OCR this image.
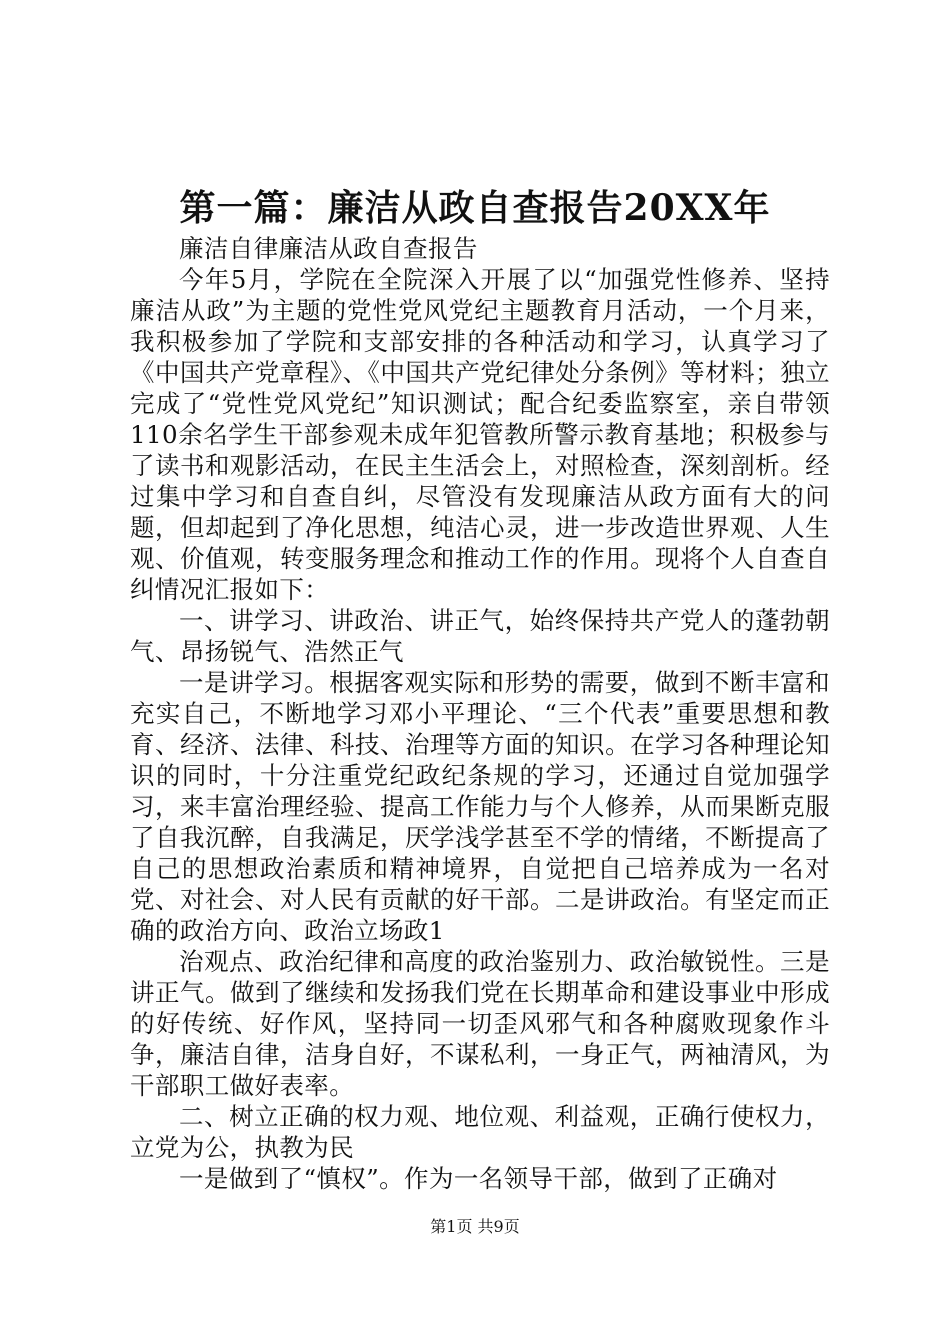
第一篇：廉洁从政自查报告20XX年

廉洁自律廉洁从政自查报告

今年5月，学院在全院深入开展了以“加强党性修养、坚持廉洁从政”为主题的党性党风党纪主题教育月活动，一个月来，我积极参加了学院和支部安排的各种活动和学习，认真学习了《中国共产党章程》、《中国共产党纪律处分条例》等材料；独立完成了“党性党风党纪”知识测试；配合纪委监察室，亲自带领110余名学生干部参观未成年犯管教所警示教育基地；积极参与了读书和观影活动，在民主生活会上，对照检查，深刻剖析。经过集中学习和自查自纠，尽管没有发现廉洁从政方面有大的问题，但却起到了净化思想，纯洁心灵，进一步改造世界观、人生观、价值观，转变服务理念和推动工作的作用。现将个人自查自纠情况汇报如下：

一、讲学习、讲政治、讲正气，始终保持共产党人的蓬勃朝气、昂扬锐气、浩然正气

一是讲学习。根据客观实际和形势的需要，做到不断丰富和充实自己，不断地学习邓小平理论、“三个代表”重要思想和教育、经济、法律、科技、治理等方面的知识。在学习各种理论知识的同时，十分注重党纪政纪条规的学习，还通过自觉加强学习，来丰富治理经验、提高工作能力与个人修养，从而果断克服了自我沉醉，自我满足，厌学浅学甚至不学的情绪，不断提高了自己的思想政治素质和精神境界，自觉把自己培养成为一名对党、对社会、对人民有贡献的好干部。二是讲政治。有坚定而正确的政治方向、政治立场政1

治观点、政治纪律和高度的政治鉴别力、政治敏锐性。三是讲正气。做到了继续和发扬我们党在长期革命和建设事业中形成的好传统、好作风，坚持同一切歪风邪气和各种腐败现象作斗争，廉洁自律，洁身自好，不谋私利，一身正气，两袖清风，为干部职工做好表率。

二、树立正确的权力观、地位观、利益观，正确行使权力，立党为公，执教为民

一是做到了“慎权”。作为一名领导干部，做到了正确对

第1页 共9页
